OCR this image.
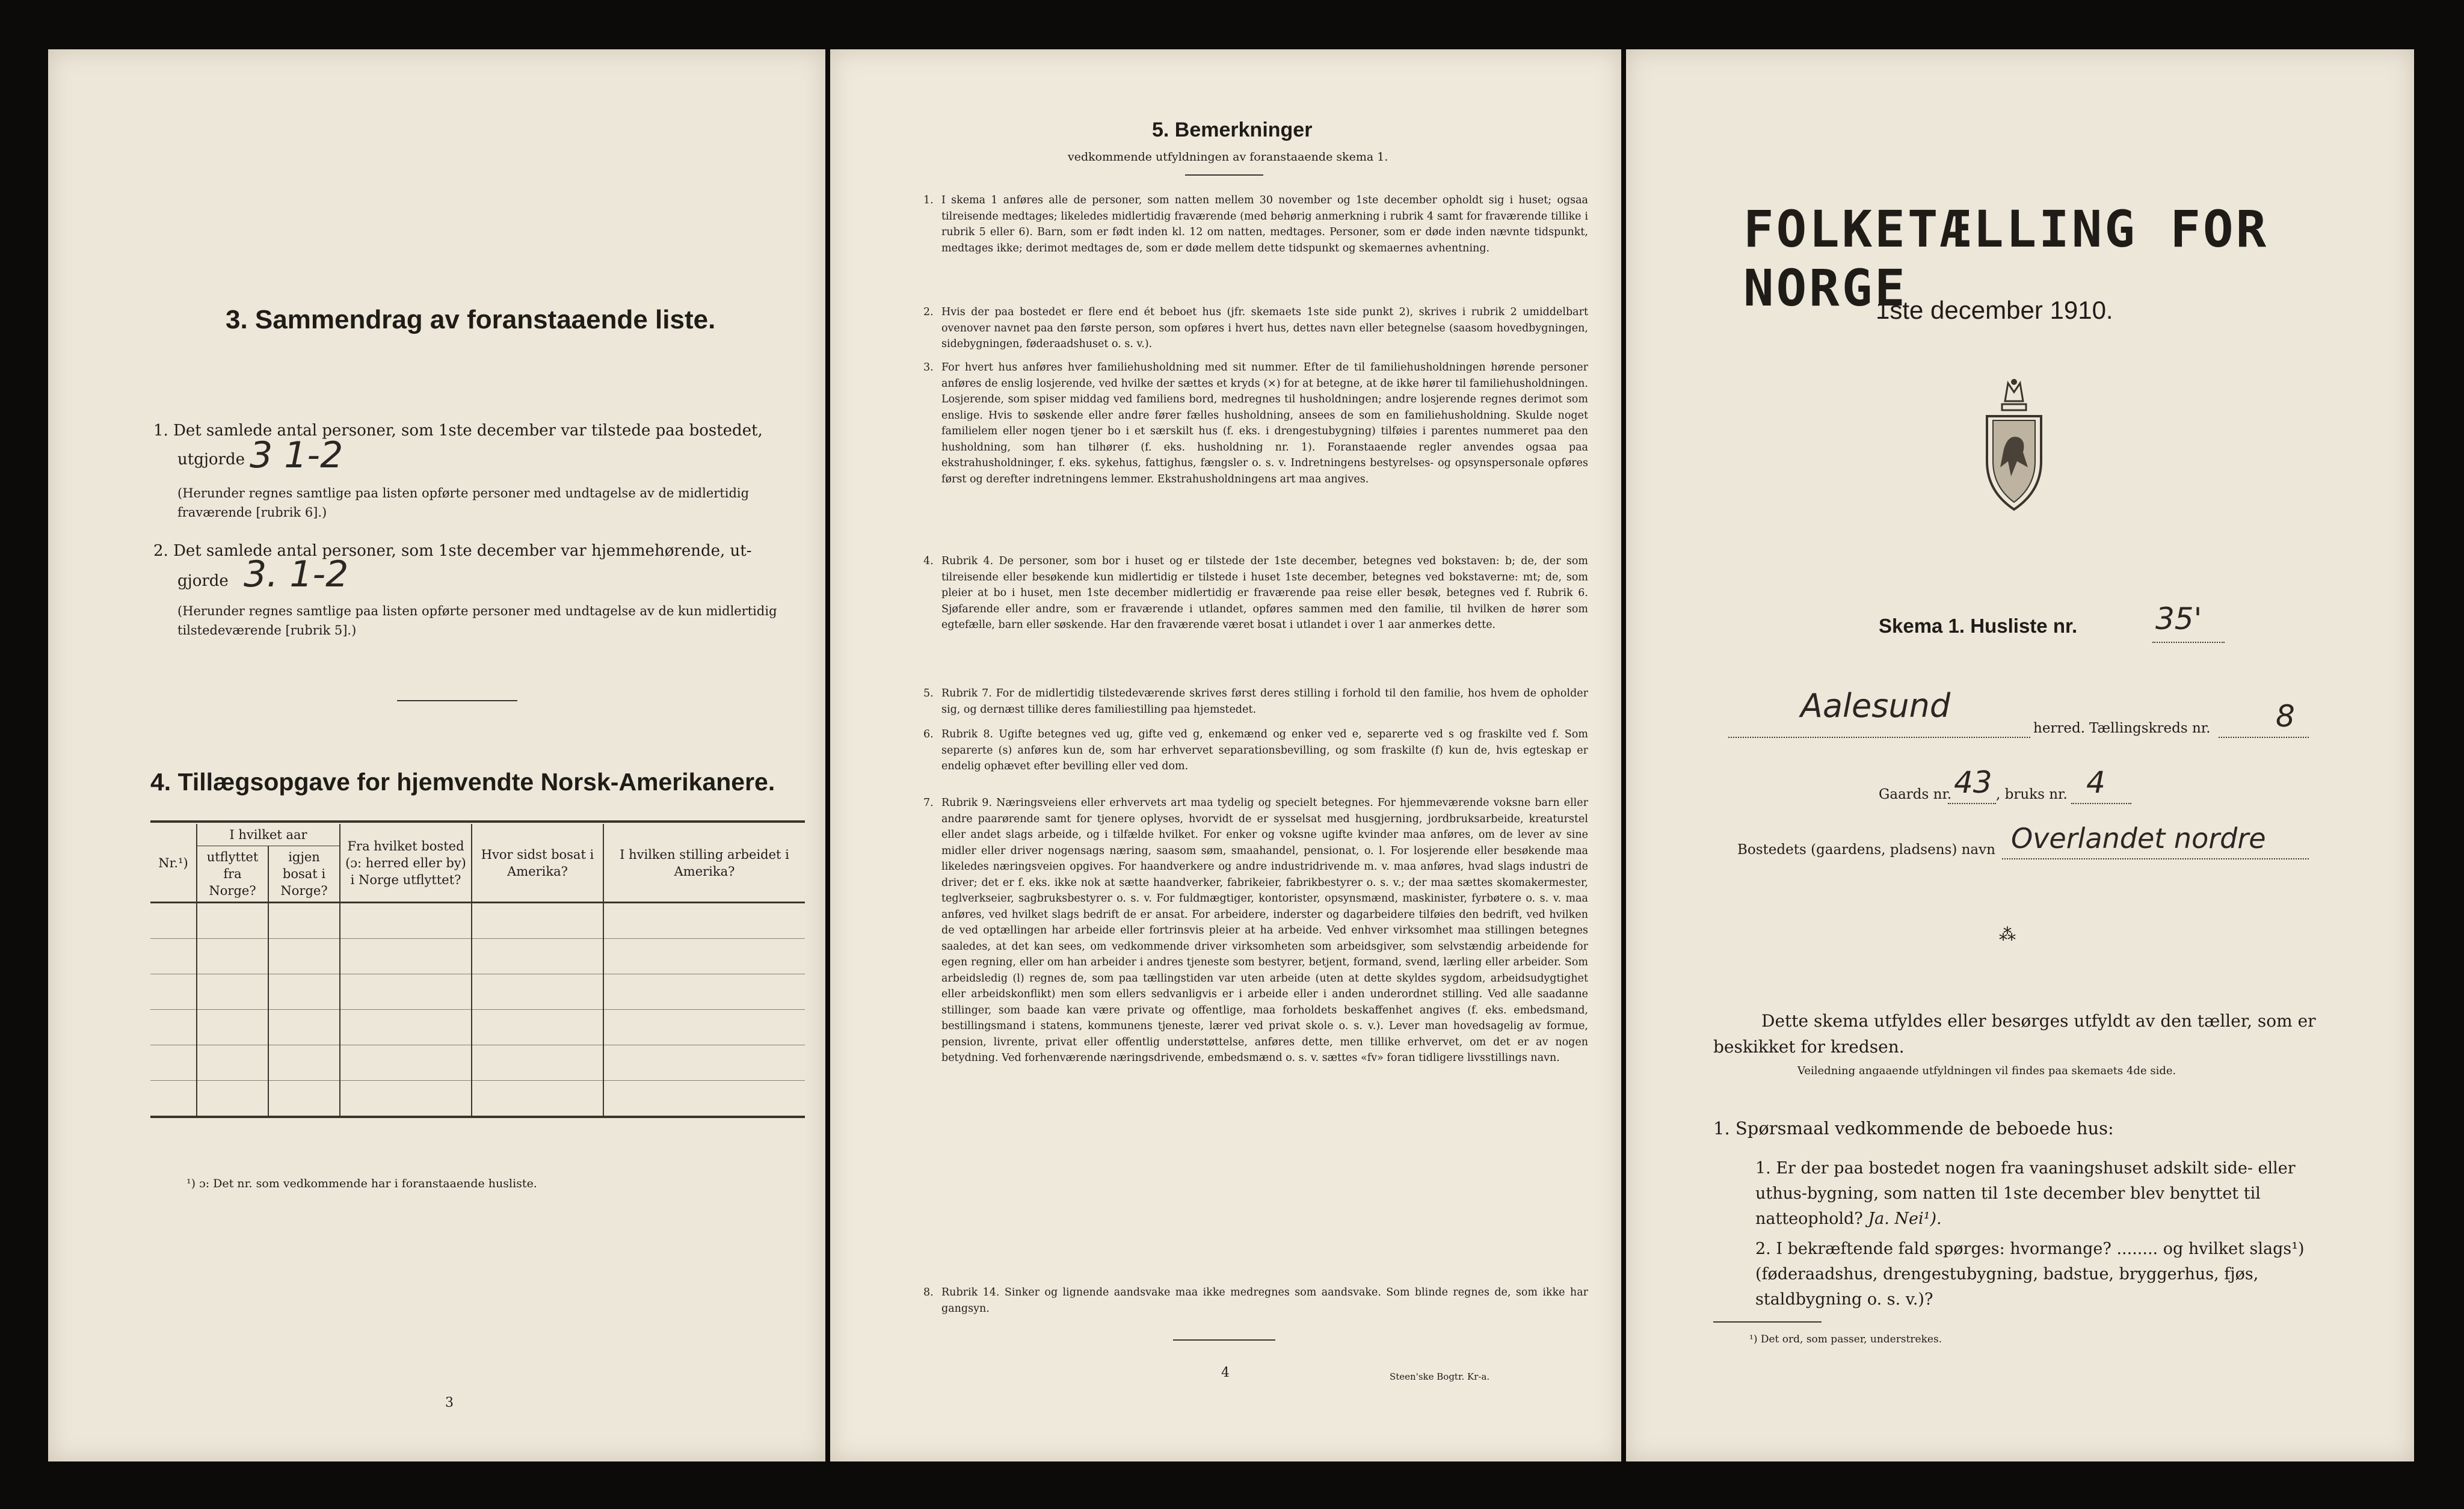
3. Sammendrag av foranstaaende liste.
1. Det samlede antal personer, som 1ste december var tilstede paa bostedet,
utgjorde 3 1-2
(Herunder regnes samtlige paa listen opførte personer med undtagelse av de midlertidig fraværende [rubrik 6].)
2. Det samlede antal personer, som 1ste december var hjemmehørende, ut-
gjorde 3. 1-2
(Herunder regnes samtlige paa listen opførte personer med undtagelse av de kun midlertidig tilstedeværende [rubrik 5].)
4. Tillægsopgave for hjemvendte Norsk-Amerikanere.
Nr.¹)	I hvilket aar		Fra hvilket bosted (ɔ: herred eller by) i Norge utflyttet?	Hvor sidst bosat i Amerika?	I hvilken stilling arbeidet i Amerika?
	utflyttet fra Norge?	igjen bosat i Norge?			

¹) ɔ: Det nr. som vedkommende har i foranstaaende husliste.
3
5. Bemerkninger
vedkommende utfyldningen av foranstaaende skema 1.
1. I skema 1 anføres alle de personer, som natten mellem 30 november og 1ste december opholdt sig i huset; ogsaa tilreisende medtages; likeledes midlertidig fraværende (med behørig anmerkning i rubrik 4 samt for fraværende tillike i rubrik 5 eller 6). Barn, som er født inden kl. 12 om natten, medtages. Personer, som er døde inden nævnte tidspunkt, medtages ikke; derimot medtages de, som er døde mellem dette tidspunkt og skemaernes avhentning.
2. Hvis der paa bostedet er flere end ét beboet hus (jfr. skemaets 1ste side punkt 2), skrives i rubrik 2 umiddelbart ovenover navnet paa den første person, som opføres i hvert hus, dettes navn eller betegnelse (saasom hovedbygningen, sidebygningen, føderaadshuset o. s. v.).
3. For hvert hus anføres hver familiehusholdning med sit nummer. Efter de til familiehusholdningen hørende personer anføres de enslig losjerende, ved hvilke der sættes et kryds (×) for at betegne, at de ikke hører til familiehusholdningen. Losjerende, som spiser middag ved familiens bord, medregnes til husholdningen; andre losjerende regnes derimot som enslige. Hvis to søskende eller andre fører fælles husholdning, ansees de som en familiehusholdning. Skulde noget familielem eller nogen tjener bo i et særskilt hus (f. eks. i drengestubygning) tilføies i parentes nummeret paa den husholdning, som han tilhører (f. eks. husholdning nr. 1). Foranstaaende regler anvendes ogsaa paa ekstrahusholdninger, f. eks. sykehus, fattighus, fængsler o. s. v. Indretningens bestyrelses- og opsynspersonale opføres først og derefter indretningens lemmer. Ekstrahusholdningens art maa angives.
4. Rubrik 4. De personer, som bor i huset og er tilstede der 1ste december, betegnes ved bokstaven: b; de, der som tilreisende eller besøkende kun midlertidig er tilstede i huset 1ste december, betegnes ved bokstaverne: mt; de, som pleier at bo i huset, men 1ste december midlertidig er fraværende paa reise eller besøk, betegnes ved f. Rubrik 6. Sjøfarende eller andre, som er fraværende i utlandet, opføres sammen med den familie, til hvilken de hører som egtefælle, barn eller søskende. Har den fraværende været bosat i utlandet i over 1 aar anmerkes dette.
5. Rubrik 7. For de midlertidig tilstedeværende skrives først deres stilling i forhold til den familie, hos hvem de opholder sig, og dernæst tillike deres familiestilling paa hjemstedet.
6. Rubrik 8. Ugifte betegnes ved ug, gifte ved g, enkemænd og enker ved e, separerte ved s og fraskilte ved f. Som separerte (s) anføres kun de, som har erhvervet separationsbevilling, og som fraskilte (f) kun de, hvis egteskap er endelig ophævet efter bevilling eller ved dom.
7. Rubrik 9. Næringsveiens eller erhvervets art maa tydelig og specielt betegnes. For hjemmeværende voksne barn eller andre paarørende samt for tjenere oplyses, hvorvidt de er sysselsat med husgjerning, jordbruksarbeide, kreaturstel eller andet slags arbeide, og i tilfælde hvilket. For enker og voksne ugifte kvinder maa anføres, om de lever av sine midler eller driver nogensags næring, saasom søm, smaahandel, pensionat, o. l. For losjerende eller besøkende maa likeledes næringsveien opgives. For haandverkere og andre industridrivende m. v. maa anføres, hvad slags industri de driver; det er f. eks. ikke nok at sætte haandverker, fabrikeier, fabrikbestyrer o. s. v.; der maa sættes skomakermester, teglverkseier, sagbruksbestyrer o. s. v. For fuldmægtiger, kontorister, opsynsmænd, maskinister, fyrbøtere o. s. v. maa anføres, ved hvilket slags bedrift de er ansat. For arbeidere, inderster og dagarbeidere tilføies den bedrift, ved hvilken de ved optællingen har arbeide eller fortrinsvis pleier at ha arbeide. Ved enhver virksomhet maa stillingen betegnes saaledes, at det kan sees, om vedkommende driver virksomheten som arbeidsgiver, som selvstændig arbeidende for egen regning, eller om han arbeider i andres tjeneste som bestyrer, betjent, formand, svend, lærling eller arbeider. Som arbeidsledig (l) regnes de, som paa tællingstiden var uten arbeide (uten at dette skyldes sygdom, arbeidsudygtighet eller arbeidskonflikt) men som ellers sedvanligvis er i arbeide eller i anden underordnet stilling. Ved alle saadanne stillinger, som baade kan være private og offentlige, maa forholdets beskaffenhet angives (f. eks. embedsmand, bestillingsmand i statens, kommunens tjeneste, lærer ved privat skole o. s. v.). Lever man hovedsagelig av formue, pension, livrente, privat eller offentlig understøttelse, anføres dette, men tillike erhvervet, om det er av nogen betydning. Ved forhenværende næringsdrivende, embedsmænd o. s. v. sættes «fv» foran tidligere livsstillings navn.
8. Rubrik 14. Sinker og lignende aandsvake maa ikke medregnes som aandsvake. Som blinde regnes de, som ikke har gangsyn.
4	Steen'ske Bogtr. Kr-a.
FOLKETÆLLING FOR NORGE
1ste december 1910.
Skema 1. Husliste nr.	35'
Aalesund
herred. Tællingskreds nr. 8
Gaards nr. 43 , bruks nr. 4
Bostedets (gaardens, pladsens) navn Overlandet nordre
⁂
Dette skema utfyldes eller besørges utfyldt av den tæller, som er beskikket for kredsen.
Veiledning angaaende utfyldningen vil findes paa skemaets 4de side.
1. Spørsmaal vedkommende de beboede hus:
1. Er der paa bostedet nogen fra vaaningshuset adskilt side- eller uthus-bygning, som natten til 1ste december blev benyttet til natteophold? Ja. Nei¹).
2. I bekræftende fald spørges: hvormange? ........ og hvilket slags¹) (føderaadshus, drengestubygning, badstue, bryggerhus, fjøs, staldbygning o. s. v.)?
¹) Det ord, som passer, understrekes.
